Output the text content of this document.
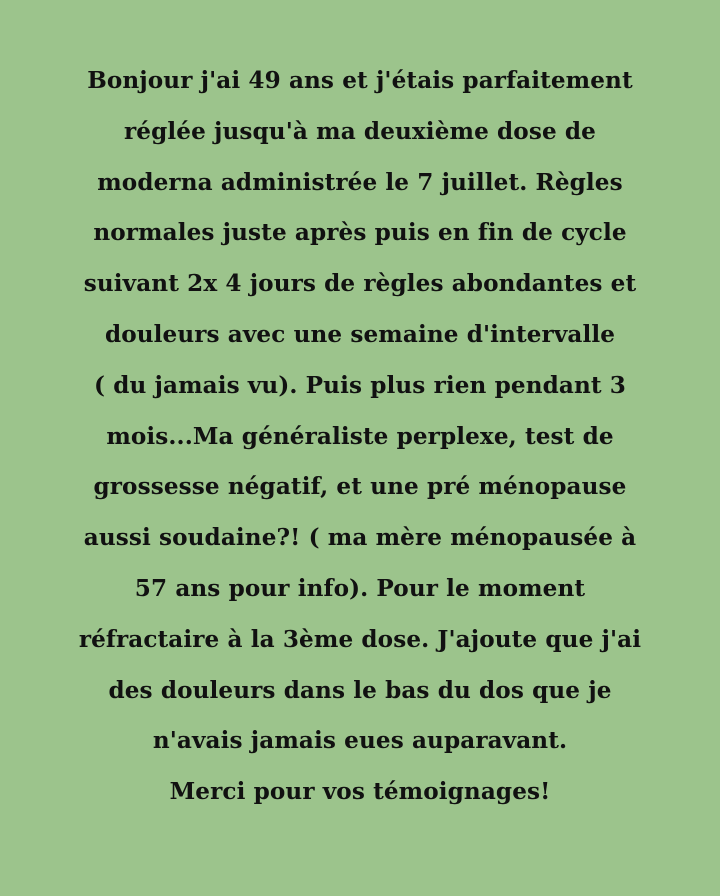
Bonjour j'ai 49 ans et j'étais parfaitement
réglée jusqu'à ma deuxième dose de
moderna administrée le 7 juillet. Règles
normales juste après puis en fin de cycle
suivant 2x 4 jours de règles abondantes et
douleurs avec une semaine d'intervalle
( du jamais vu). Puis plus rien pendant 3
mois...Ma généraliste perplexe, test de
grossesse négatif, et une pré ménopause
aussi soudaine?! ( ma mère ménopausée à
57 ans pour info). Pour le moment
réfractaire à la 3ème dose. J'ajoute que j'ai
des douleurs dans le bas du dos que je
n'avais jamais eues auparavant.
Merci pour vos témoignages!
